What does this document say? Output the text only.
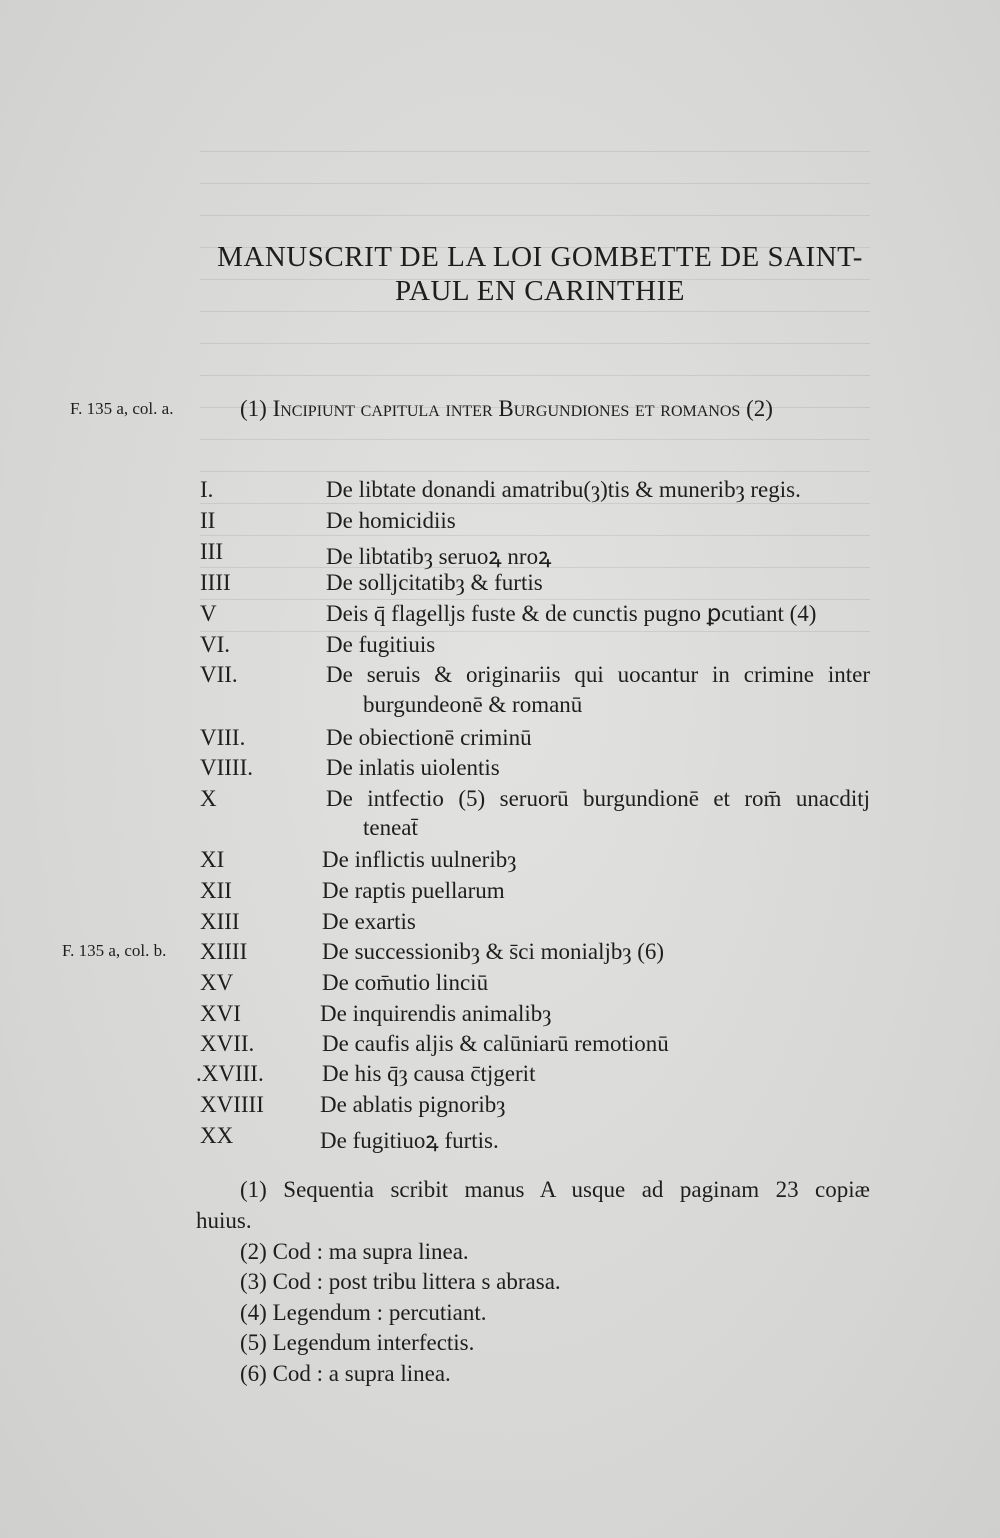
MANUSCRIT DE LA LOI GOMBETTE DE SAINT-
PAUL EN CARINTHIE
F. 135 a, col. a.	(1) Incipiunt capitula inter Burgundiones et romanos (2)
I.	De libtate donandi amatribu(ȝ)tis & muneribȝ regis.
II	De homicidiis
III	De libtatibȝ seruoꝝ nroꝝ
IIII	De solljcitatibȝ & furtis
V	Deis q̄ flagelljs fuste & de cunctis pugno ꝑcutiant (4)
VI.	De fugitiuis
VII.	De seruis & originariis qui uocantur in crimine inter
burgundeonē & romanū
VIII.	De obiectionē criminū
VIIII.	De inlatis uiolentis
X	De intfectio (5) seruorū burgundionē et rom̄ unacditj
teneat̄
XI	De inflictis uulneribȝ
XII	De raptis puellarum
XIII	De exartis
F. 135 a, col. b. XIIII	De successionibȝ & s̄ci monialjbȝ (6)
XV	De com̄utio linciū
XVI	De inquirendis animalibȝ
XVII.	De caufis aljis & calūniarū remotionū
.XVIII.	De his q̄ȝ causa c̄tjgerit
XVIIII De ablatis pignoribȝ
XX	De fugitiuoꝝ furtis.
(1) Sequentia scribit manus A usque ad paginam 23 copiæ
huius.
(2) Cod : ma supra linea.
(3) Cod : post tribu littera s abrasa.
(4) Legendum : percutiant.
(5) Legendum interfectis.
(6) Cod : a supra linea.
